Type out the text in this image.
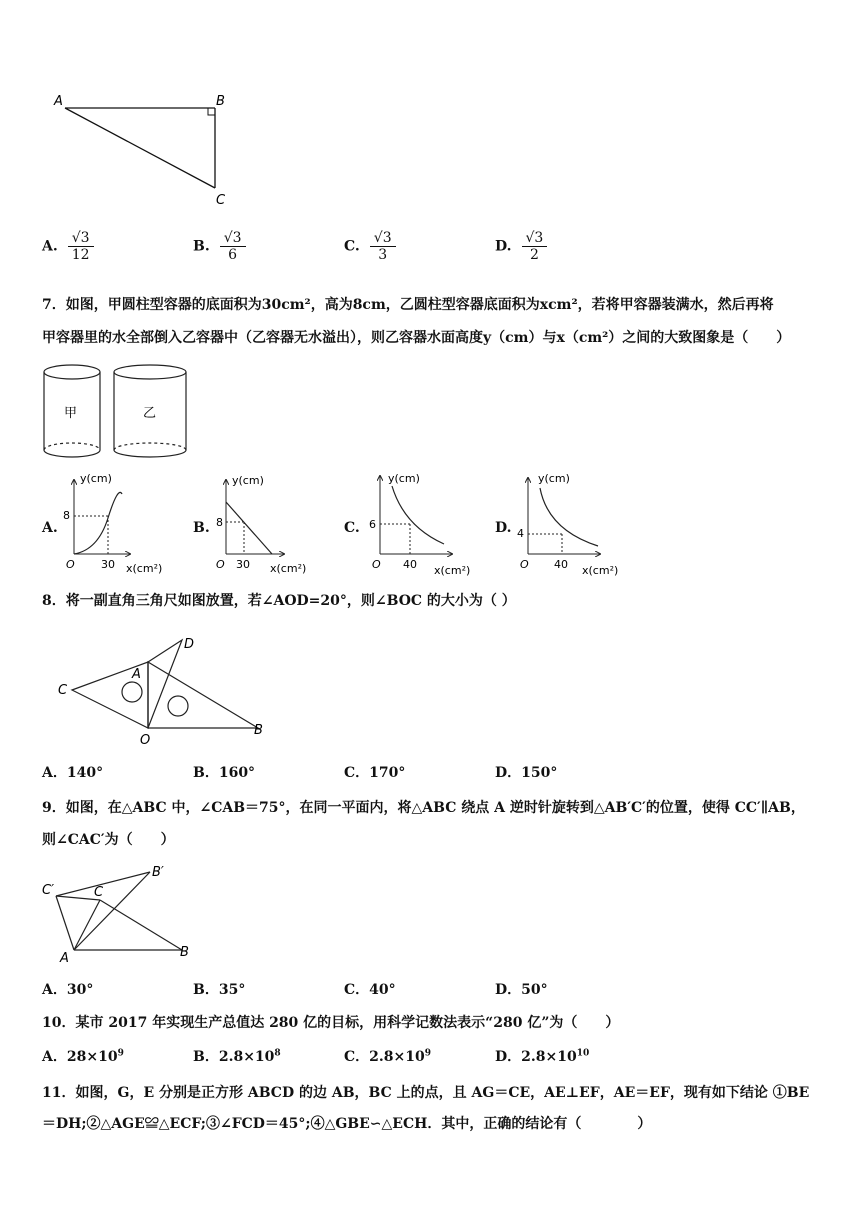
A	B
C
A. $\frac{√3}{12}$	B. $\frac{√3}{6}$	C. $\frac{√3}{3}$	D. $\frac{√3}{2}$
7．如图，甲圆柱型容器的底面积为30cm²，高为8cm，乙圆柱型容器底面积为xcm²，若将甲容器装满水，然后再将
甲容器里的水全部倒入乙容器中（乙容器无水溢出），则乙容器水面高度y（cm）与x（cm²）之间的大致图象是（　　）
甲	乙
A.
y(cm)
8
30 x(cm²)
O
B.
y(cm)
8
30 x(cm²)
O
C.
y(cm)
6
40 x(cm²)
O
D.
y(cm)
4
40 x(cm²)
O
8．将一副直角三角尺如图放置，若∠AOD=20°，则∠BOC 的大小为（ ）
C
D
A
O
B
A．140°	B．160°	C．170°	D．150°
9．如图，在△ABC 中，∠CAB＝75°，在同一平面内，将△ABC 绕点 A 逆时针旋转到△AB′C′的位置，使得 CC′∥AB，
则∠CAC′为（　　）
C′	C
B′
A	B
A．30°	B．35°	C．40°	D．50°
10．某市 2017 年实现生产总值达 280 亿的目标，用科学记数法表示“280 亿”为（　　）
A．$28\times 10^9$	B．$2.8\times 10^8$	C．$2.8\times 10^9$	D．$2.8\times 10^{10}$
11．如图，G，E 分别是正方形 ABCD 的边 AB，BC 上的点，且 AG＝CE，AE⊥EF，AE＝EF，现有如下结论 ①BE
＝DH;②△AGE≌△ECF;③∠FCD＝45°;④△GBE∽△ECH．其中，正确的结论有（　　　　）
